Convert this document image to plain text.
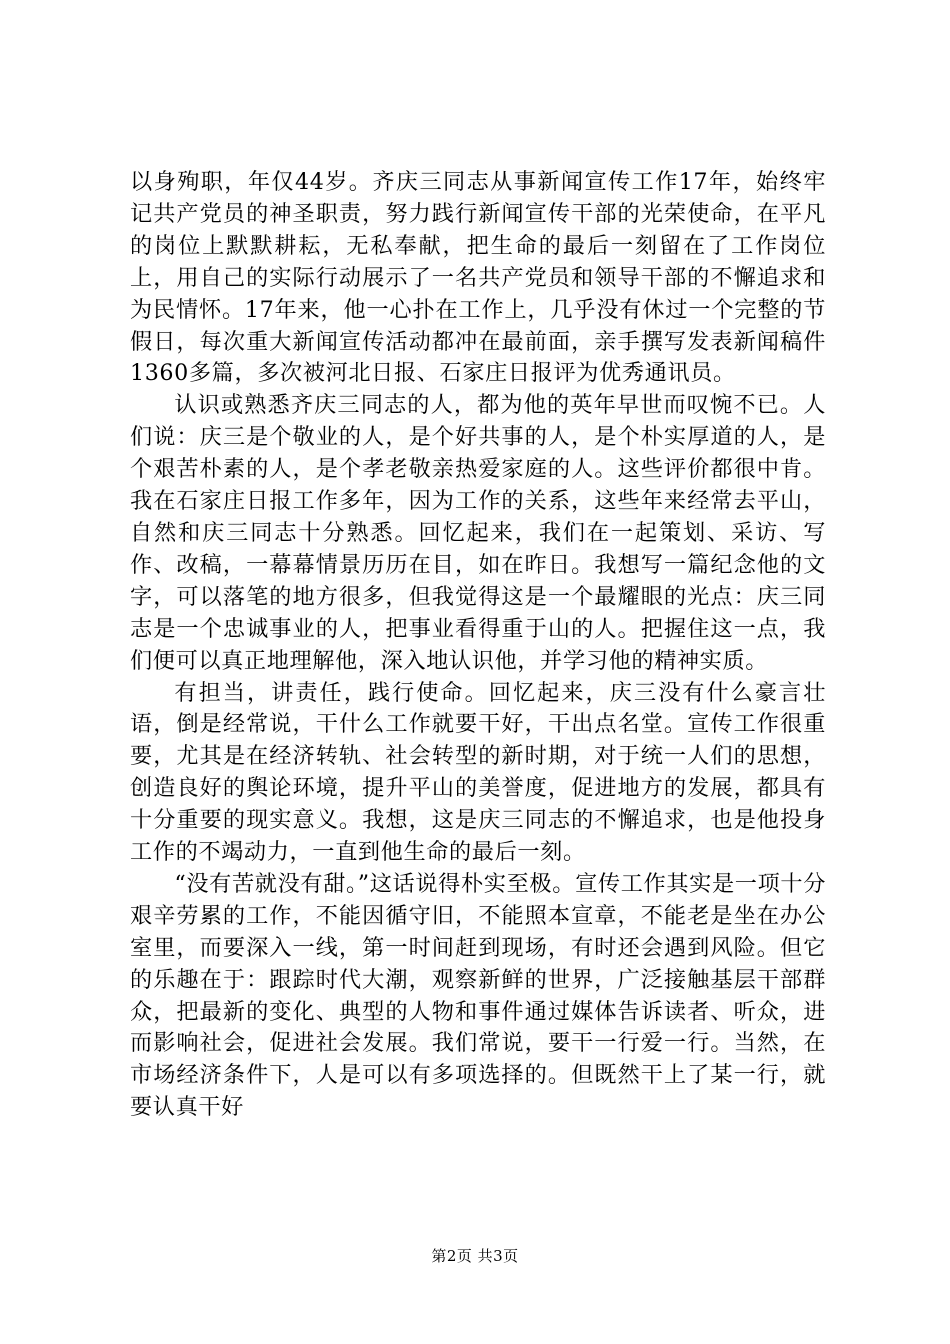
以身殉职，年仅44岁。齐庆三同志从事新闻宣传工作17年，始终牢记共产党员的神圣职责，努力践行新闻宣传干部的光荣使命，在平凡的岗位上默默耕耘，无私奉献，把生命的最后一刻留在了工作岗位上，用自己的实际行动展示了一名共产党员和领导干部的不懈追求和为民情怀。17年来，他一心扑在工作上，几乎没有休过一个完整的节假日，每次重大新闻宣传活动都冲在最前面，亲手撰写发表新闻稿件1360多篇，多次被河北日报、石家庄日报评为优秀通讯员。

认识或熟悉齐庆三同志的人，都为他的英年早世而叹惋不已。人们说：庆三是个敬业的人，是个好共事的人，是个朴实厚道的人，是个艰苦朴素的人，是个孝老敬亲热爱家庭的人。这些评价都很中肯。我在石家庄日报工作多年，因为工作的关系，这些年来经常去平山，自然和庆三同志十分熟悉。回忆起来，我们在一起策划、采访、写作、改稿，一幕幕情景历历在目，如在昨日。我想写一篇纪念他的文字，可以落笔的地方很多，但我觉得这是一个最耀眼的光点：庆三同志是一个忠诚事业的人，把事业看得重于山的人。把握住这一点，我们便可以真正地理解他，深入地认识他，并学习他的精神实质。

有担当，讲责任，践行使命。回忆起来，庆三没有什么豪言壮语，倒是经常说，干什么工作就要干好，干出点名堂。宣传工作很重要，尤其是在经济转轨、社会转型的新时期，对于统一人们的思想，创造良好的舆论环境，提升平山的美誉度，促进地方的发展，都具有十分重要的现实意义。我想，这是庆三同志的不懈追求，也是他投身工作的不竭动力，一直到他生命的最后一刻。

“没有苦就没有甜。”这话说得朴实至极。宣传工作其实是一项十分艰辛劳累的工作，不能因循守旧，不能照本宣章，不能老是坐在办公室里，而要深入一线，第一时间赶到现场，有时还会遇到风险。但它的乐趣在于：跟踪时代大潮，观察新鲜的世界，广泛接触基层干部群众，把最新的变化、典型的人物和事件通过媒体告诉读者、听众，进而影响社会，促进社会发展。我们常说，要干一行爱一行。当然，在市场经济条件下，人是可以有多项选择的。但既然干上了某一行，就要认真干好

第2页 共3页
